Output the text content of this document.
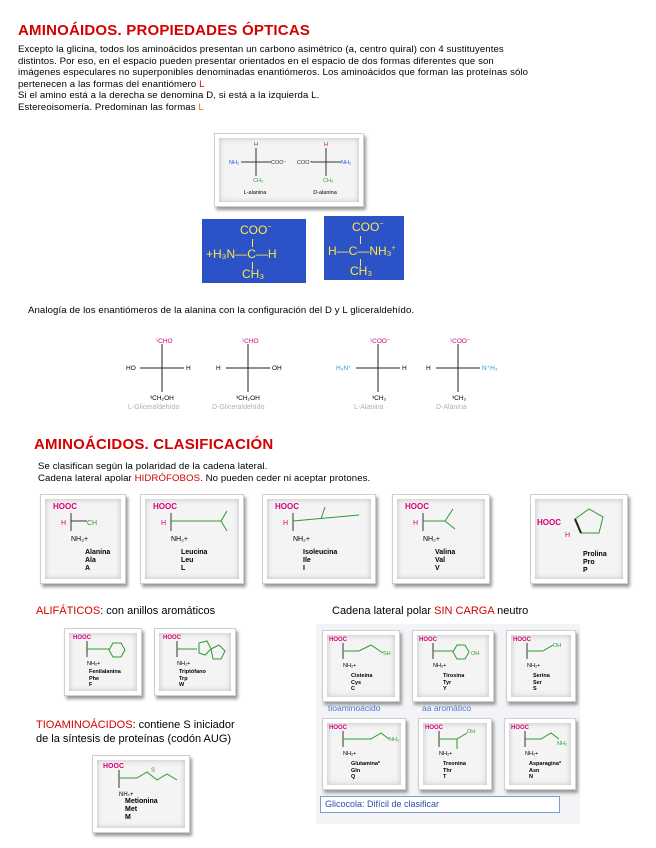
AMINOÁIDOS. PROPIEDADES ÓPTICAS
Excepto la glicina, todos los aminoácidos presentan un carbono asimétrico (a, centro quiral) con 4 sustituyentes
distintos. Por eso, en el espacio pueden presentar orientados en el espacio de dos formas diferentes que son
imágenes especulares no superponibles denominadas enantiómeros. Los aminoácidos que forman las proteínas sólo
pertenecen a las formas del enantiómero L
Si el amino está a la derecha se denomina D, si está a la izquierda L.
Estereoisomería. Predominan las formas L
NH₂	COO⁻
H
CH₃
COO⁻	NH₂
H
CH₃
L-alanina	D-alanina
COO−
+H₃N—C—H
CH₃
COO−
H—C—NH₃+
CH₃
Analogía de los enantiómeros de la alanina con la configuración del D y L gliceraldehído.
¹CHO
HO	H
³CH₂OH
¹CHO
H	OH
³CH₂OH
¹COO⁻
H₃N⁺	H
³CH₃
¹COO⁻
H	N⁺H₃
³CH₃
L-Gliceraldehído	D-Gliceraldehído	L-Alanina	D-Alanina
AMINOÁCIDOS. CLASIFICACIÓN
Se clasifican según la polaridad de la cadena lateral.
Cadena lateral apolar HIDRÓFOBOS. No pueden ceder ni aceptar protones.
HOOC
H	CH
NH₃+
Alanina
Ala
A
HOOC
H
NH₂+
Leucina
Leu
L
HOOC
H
NH₂+
Isoleucina
Ile
I
HOOC
H
NH₂+
Valina
Val
V
HOOC
H
Prolina
Pro
P
ALIFÁTICOS: con anillos aromáticos
HOOC
NH₂+
Fenilalanina
Phe
F
HOOC
NH₂+
Triptófano
Trp
W
TIOAMINOÁCIDOS: contiene S iniciador
de la síntesis de proteínas (codón AUG)
HOOC
S
NH₂+
Metionina
Met
M
Cadena lateral polar SIN CARGA neutro
HOOC
SH
NH₂+
Cisteína
Cys
C
HOOC
OH
NH₂+
Tirosina
Tyr
Y
HOOC
OH
NH₂+
Serina
Ser
S
tioaminoácido	aa aromático
HOOC
NH₂
NH₂+
Glutamina*
Gln
Q
HOOC
OH
NH₂+
Treonina
Thr
T
HOOC
NH₂
NH₂+
Asparagina*
Asn
N
Glicocola: Difícil de clasificar
